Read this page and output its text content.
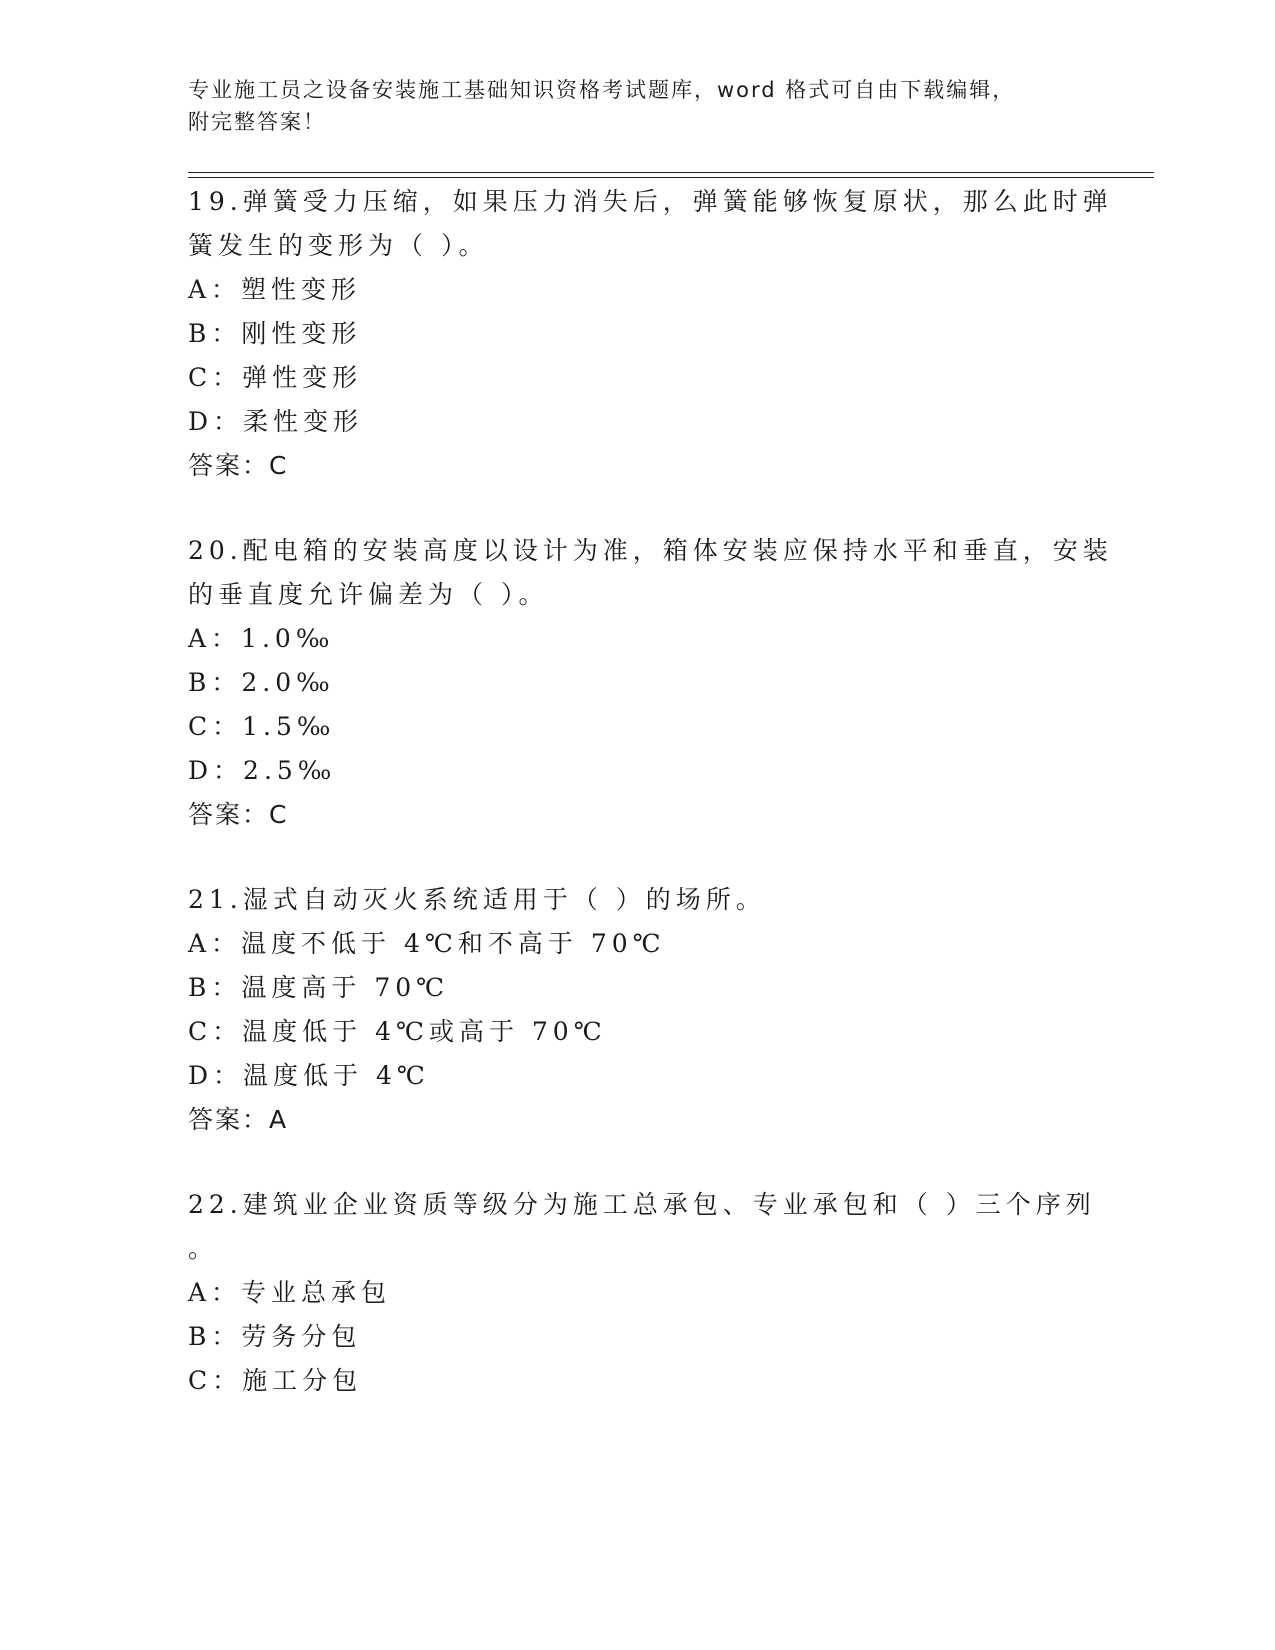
专业施工员之设备安装施工基础知识资格考试题库，word 格式可自由下载编辑，
附完整答案！
19.弹簧受力压缩，如果压力消失后，弹簧能够恢复原状，那么此时弹
簧发生的变形为（ ）。
A：塑性变形
B：刚性变形
C：弹性变形
D：柔性变形
答案：C
20.配电箱的安装高度以设计为准，箱体安装应保持水平和垂直，安装
的垂直度允许偏差为（ ）。
A：1.0‰
B：2.0‰
C：1.5‰
D：2.5‰
答案：C
21.湿式自动灭火系统适用于（ ）的场所。
A：温度不低于 4℃和不高于 70℃
B：温度高于 70℃
C：温度低于 4℃或高于 70℃
D：温度低于 4℃
答案：A
22.建筑业企业资质等级分为施工总承包、专业承包和（ ）三个序列
。
A：专业总承包
B：劳务分包
C：施工分包
